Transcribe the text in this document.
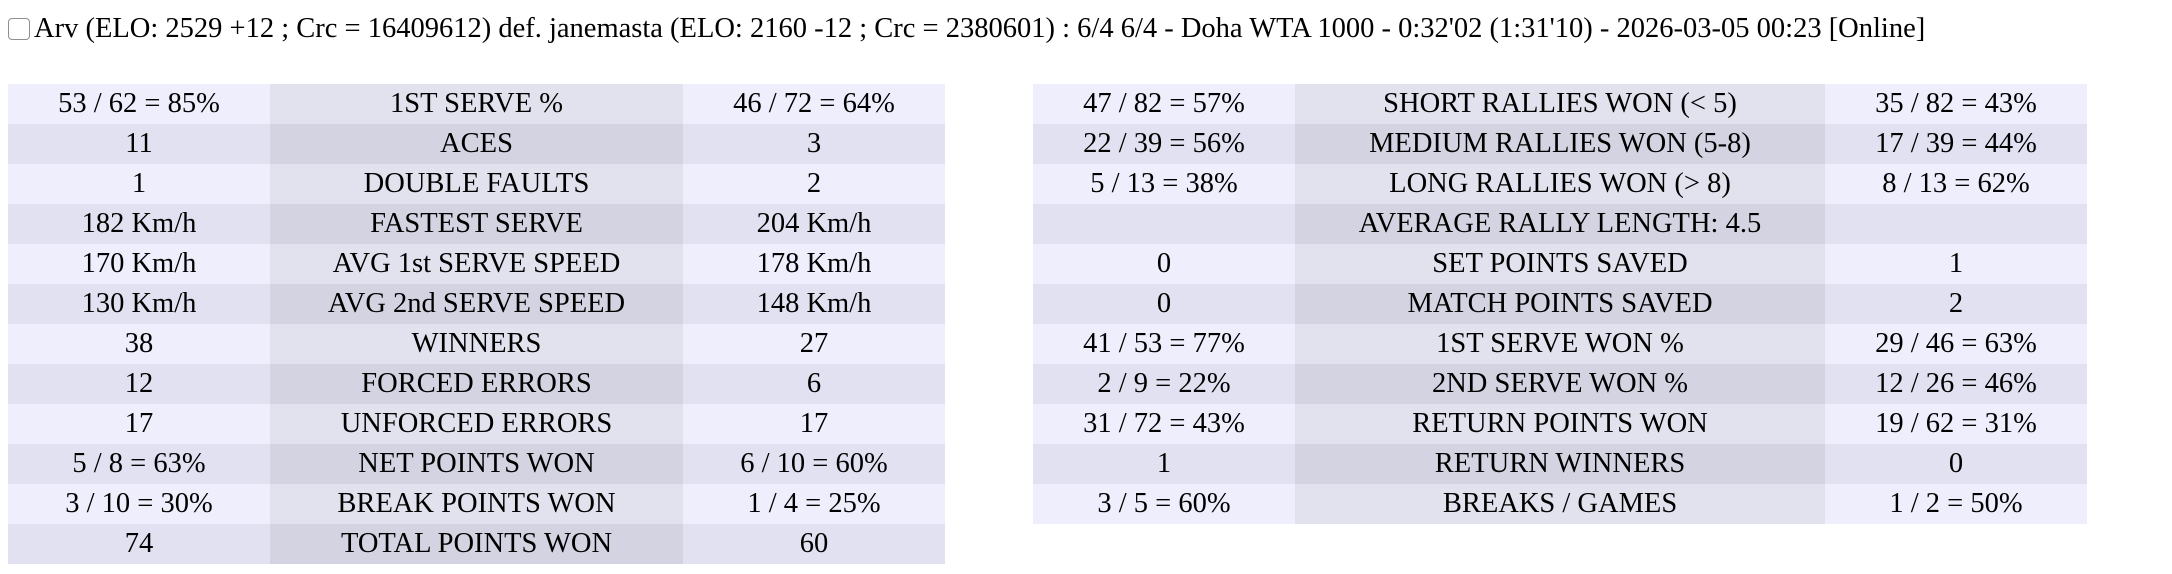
Arv (ELO: 2529 +12 ; Crc = 16409612) def. janemasta (ELO: 2160 -12 ; Crc = 2380601) : 6/4 6/4 - Doha WTA 1000 - 0:32'02 (1:31'10) - 2026-03-05 00:23 [Online]
53 / 62 = 85%	1ST SERVE %	46 / 72 = 64%
11	ACES	3
1	DOUBLE FAULTS	2
182 Km/h	FASTEST SERVE	204 Km/h
170 Km/h	AVG 1st SERVE SPEED	178 Km/h
130 Km/h	AVG 2nd SERVE SPEED	148 Km/h
38	WINNERS	27
12	FORCED ERRORS	6
17	UNFORCED ERRORS	17
5 / 8 = 63%	NET POINTS WON	6 / 10 = 60%
3 / 10 = 30%	BREAK POINTS WON	1 / 4 = 25%
74	TOTAL POINTS WON	60
47 / 82 = 57%	SHORT RALLIES WON (< 5)	35 / 82 = 43%
22 / 39 = 56%	MEDIUM RALLIES WON (5-8)	17 / 39 = 44%
5 / 13 = 38%	LONG RALLIES WON (> 8)	8 / 13 = 62%
	AVERAGE RALLY LENGTH: 4.5	
0	SET POINTS SAVED	1
0	MATCH POINTS SAVED	2
41 / 53 = 77%	1ST SERVE WON %	29 / 46 = 63%
2 / 9 = 22%	2ND SERVE WON %	12 / 26 = 46%
31 / 72 = 43%	RETURN POINTS WON	19 / 62 = 31%
1	RETURN WINNERS	0
3 / 5 = 60%	BREAKS / GAMES	1 / 2 = 50%
